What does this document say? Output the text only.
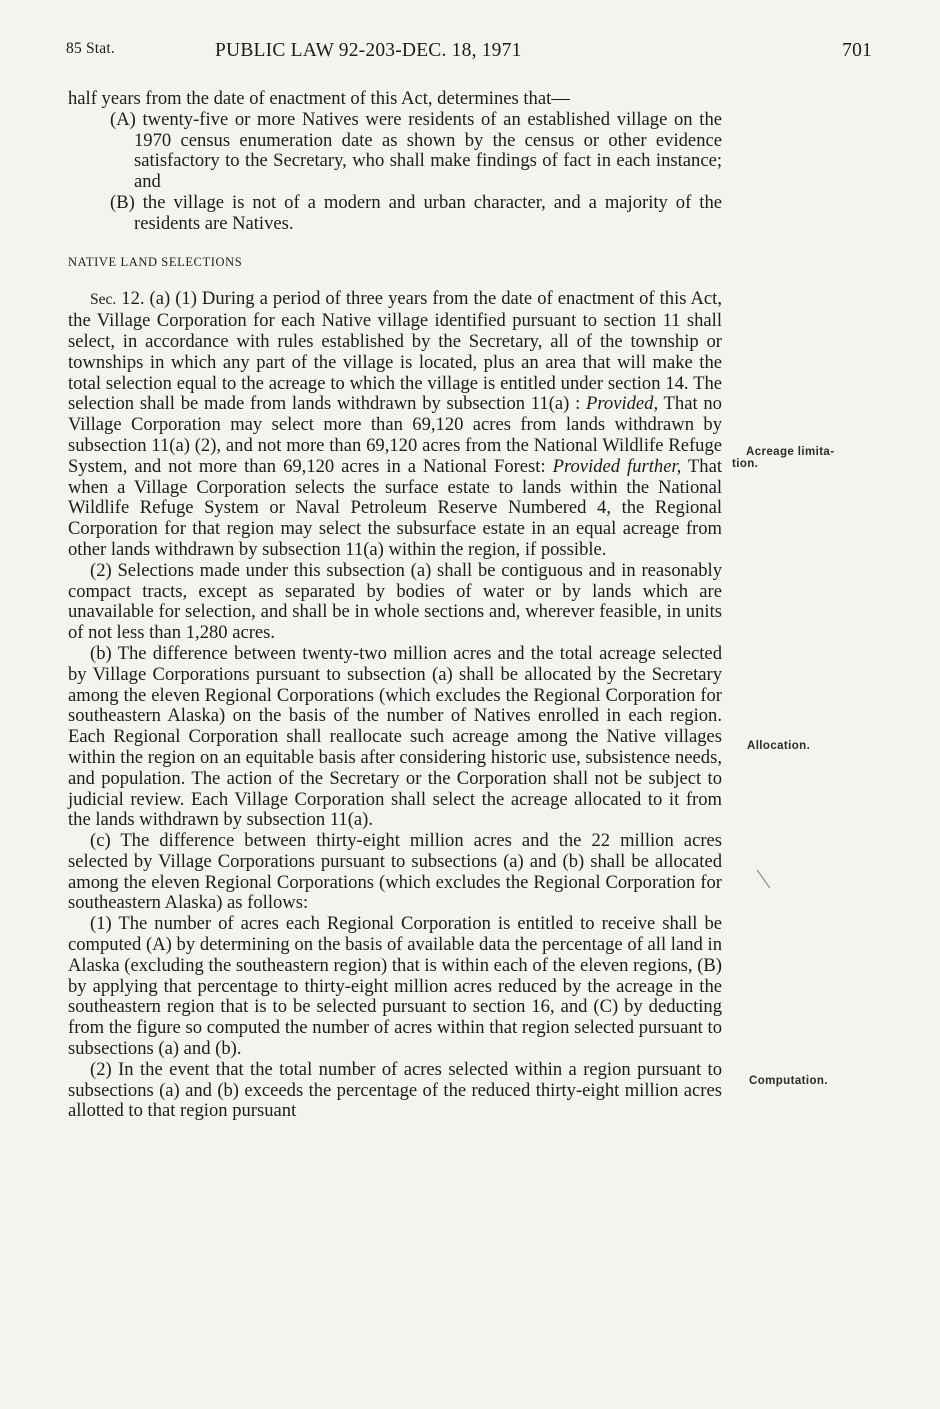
85 Stat.	PUBLIC LAW 92-203-DEC. 18, 1971	701

half years from the date of enactment of this Act, determines that—

(A) twenty-five or more Natives were residents of an established village on the 1970 census enumeration date as shown by the census or other evidence satisfactory to the Secretary, who shall make findings of fact in each instance; and

(B) the village is not of a modern and urban character, and a majority of the residents are Natives.

NATIVE LAND SELECTIONS

Sec. 12. (a) (1) During a period of three years from the date of enactment of this Act, the Village Corporation for each Native village identified pursuant to section 11 shall select, in accordance with rules established by the Secretary, all of the township or townships in which any part of the village is located, plus an area that will make the total selection equal to the acreage to which the village is entitled under section 14. The selection shall be made from lands withdrawn by subsection 11(a) : Provided, That no Village Corporation may select more than 69,120 acres from lands withdrawn by subsection 11(a) (2), and not more than 69,120 acres from the National Wildlife Refuge System, and not more than 69,120 acres in a National Forest: Provided further, That when a Village Corporation selects the surface estate to lands within the National Wildlife Refuge System or Naval Petroleum Reserve Numbered 4, the Regional Corporation for that region may select the subsurface estate in an equal acreage from other lands withdrawn by subsection 11(a) within the region, if possible.

(2) Selections made under this subsection (a) shall be contiguous and in reasonably compact tracts, except as separated by bodies of water or by lands which are unavailable for selection, and shall be in whole sections and, wherever feasible, in units of not less than 1,280 acres.

(b) The difference between twenty-two million acres and the total acreage selected by Village Corporations pursuant to subsection (a) shall be allocated by the Secretary among the eleven Regional Corporations (which excludes the Regional Corporation for southeastern Alaska) on the basis of the number of Natives enrolled in each region. Each Regional Corporation shall reallocate such acreage among the Native villages within the region on an equitable basis after considering historic use, subsistence needs, and population. The action of the Secretary or the Corporation shall not be subject to judicial review. Each Village Corporation shall select the acreage allocated to it from the lands withdrawn by subsection 11(a).

(c) The difference between thirty-eight million acres and the 22 million acres selected by Village Corporations pursuant to subsections (a) and (b) shall be allocated among the eleven Regional Corporations (which excludes the Regional Corporation for southeastern Alaska) as follows:

(1) The number of acres each Regional Corporation is entitled to receive shall be computed (A) by determining on the basis of available data the percentage of all land in Alaska (excluding the southeastern region) that is within each of the eleven regions, (B) by applying that percentage to thirty-eight million acres reduced by the acreage in the southeastern region that is to be selected pursuant to section 16, and (C) by deducting from the figure so computed the number of acres within that region selected pursuant to subsections (a) and (b).

(2) In the event that the total number of acres selected within a region pursuant to subsections (a) and (b) exceeds the percentage of the reduced thirty-eight million acres allotted to that region pursuant

Acreage limita-
tion.
Allocation.
Computation.
